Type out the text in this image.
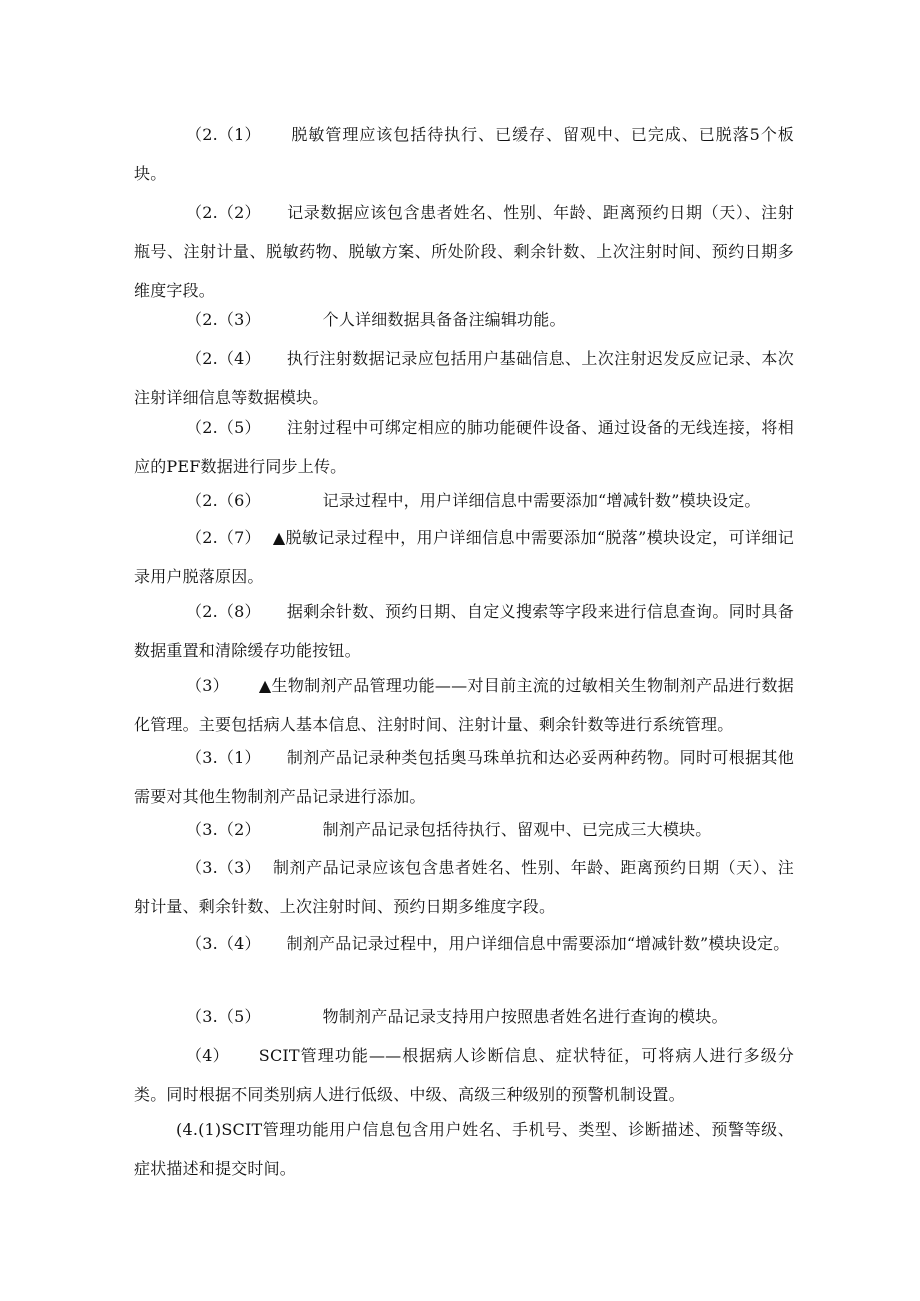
（2.（1） 脱敏管理应该包括待执行、已缓存、留观中、已完成、已脱落5个板块。

（2.（2） 记录数据应该包含患者姓名、性别、年龄、距离预约日期（天）、注射瓶号、注射计量、脱敏药物、脱敏方案、所处阶段、剩余针数、上次注射时间、预约日期多维度字段。

（2.（3）	个人详细数据具备备注编辑功能。

（2.（4） 执行注射数据记录应包括用户基础信息、上次注射迟发反应记录、本次注射详细信息等数据模块。

（2.（5） 注射过程中可绑定相应的肺功能硬件设备、通过设备的无线连接，将相应的PEF数据进行同步上传。

（2.（6）	记录过程中，用户详细信息中需要添加“增减针数”模块设定。

（2.（7） ▲脱敏记录过程中，用户详细信息中需要添加“脱落”模块设定，可详细记录用户脱落原因。

（2.（8） 据剩余针数、预约日期、自定义搜索等字段来进行信息查询。同时具备数据重置和清除缓存功能按钮。

（3） ▲生物制剂产品管理功能——对目前主流的过敏相关生物制剂产品进行数据化管理。主要包括病人基本信息、注射时间、注射计量、剩余针数等进行系统管理。

（3.（1） 制剂产品记录种类包括奥马珠单抗和达必妥两种药物。同时可根据其他需要对其他生物制剂产品记录进行添加。

（3.（2）	制剂产品记录包括待执行、留观中、已完成三大模块。

（3.（3） 制剂产品记录应该包含患者姓名、性别、年龄、距离预约日期（天）、注射计量、剩余针数、上次注射时间、预约日期多维度字段。

（3.（4） 制剂产品记录过程中，用户详细信息中需要添加“增减针数”模块设定。

（3.（5）	物制剂产品记录支持用户按照患者姓名进行查询的模块。

（4） SCIT管理功能——根据病人诊断信息、症状特征，可将病人进行多级分类。同时根据不同类别病人进行低级、中级、高级三种级别的预警机制设置。

(4.(1)SCIT管理功能用户信息包含用户姓名、手机号、类型、诊断描述、预警等级、症状描述和提交时间。
